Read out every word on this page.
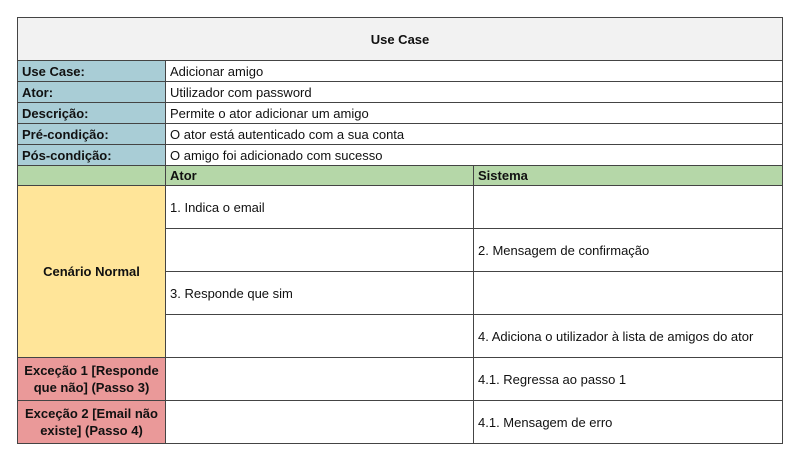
Use Case		
Use Case:	Adicionar amigo	
Ator:	Utilizador com password	
Descrição:	Permite o ator adicionar um amigo	
Pré-condição:	O ator está autenticado com a sua conta	
Pós-condição:	O amigo foi adicionado com sucesso	
	Ator	Sistema
Cenário Normal	1. Indica o email	
		2. Mensagem de confirmação
	3. Responde que sim	
		4. Adiciona o utilizador à lista de amigos do ator
Exceção 1 [Responde que não] (Passo 3)		4.1. Regressa ao passo 1
Exceção 2 [Email não existe] (Passo 4)		4.1. Mensagem de erro
